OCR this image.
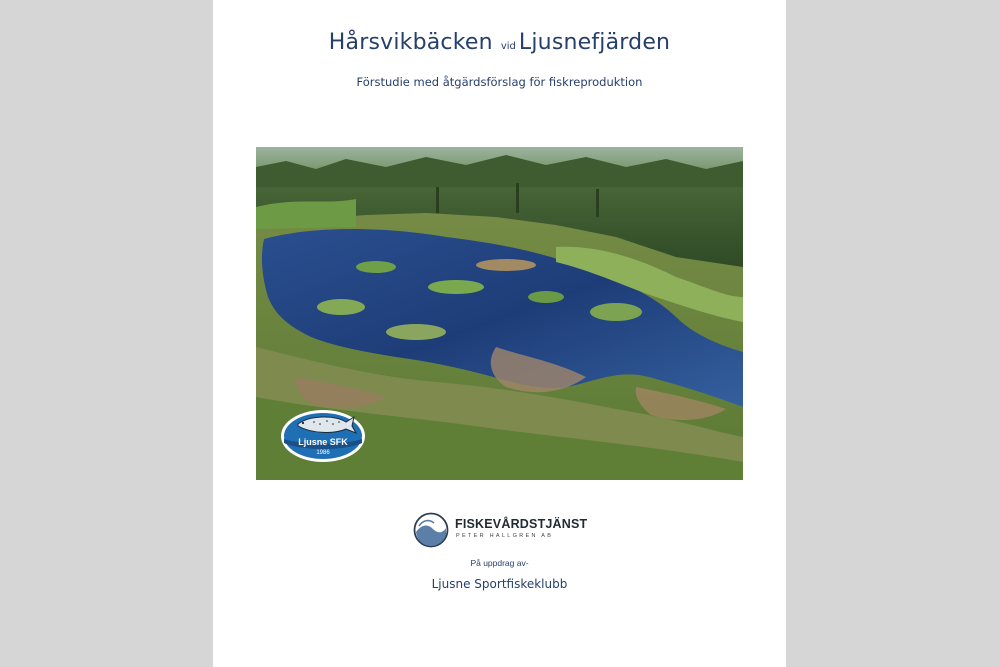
Hårsvikbäcken vid Ljusnefjärden
Förstudie med åtgärdsförslag för fiskreproduktion
Ljusne SFK
1986
FISKEVÅRDSTJÄNST
PETER HALLGREN AB
På uppdrag av-
Ljusne Sportfiskeklubb
